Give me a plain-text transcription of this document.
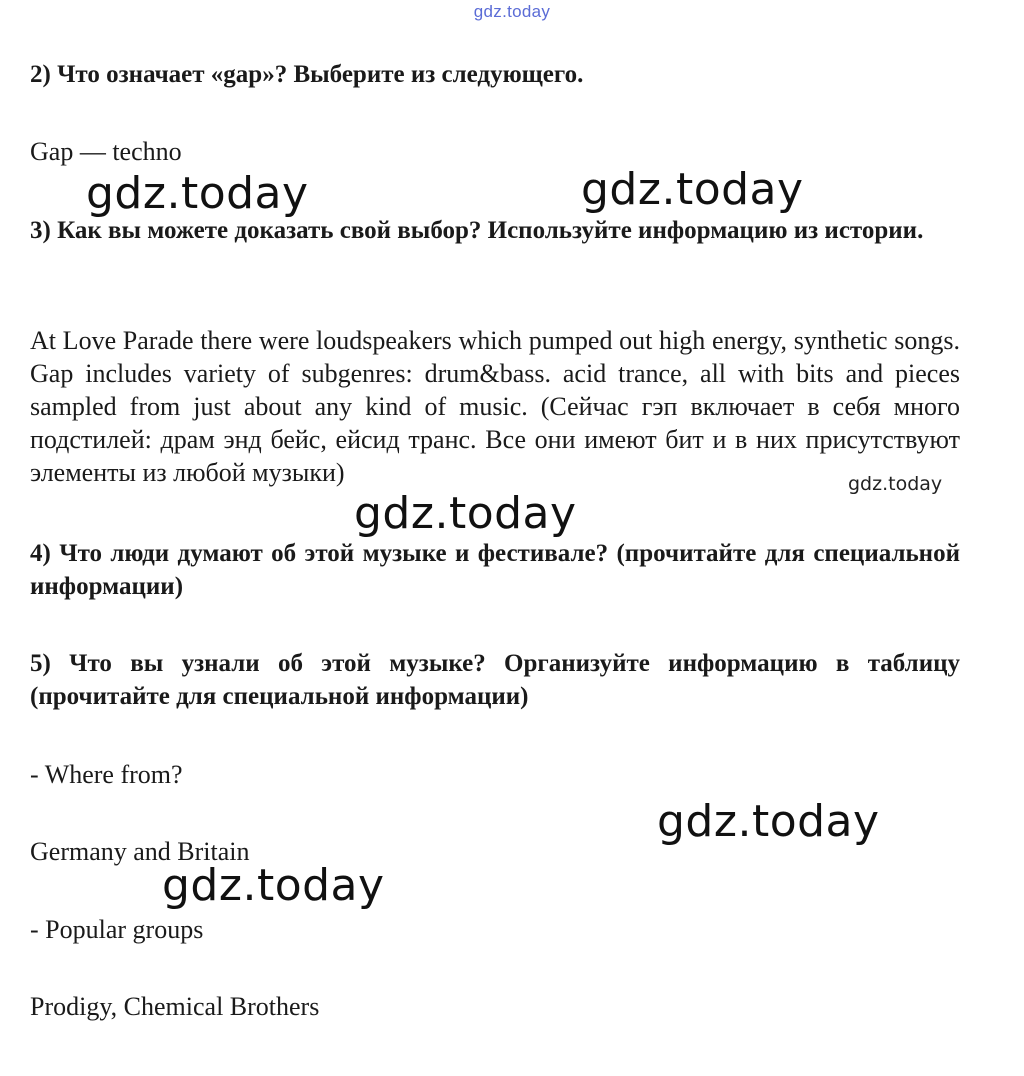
gdz.today
2) Что означает «gap»? Выберите из следующего.
Gap — techno
gdz.today	gdz.today
3) Как вы можете доказать свой выбор? Используйте информацию из истории.
At Love Parade there were loudspeakers which pumped out high energy, synthetic songs. Gap includes variety of subgenres: drum&bass. acid trance, all with bits and pieces sampled from just about any kind of music. (Сейчас гэп включает в себя много подстилей: драм энд бейс, ейсид транс. Все они имеют бит и в них присутствуют элементы из любой музыки)	gdz.today
gdz.today
4) Что люди думают об этой музыке и фестивале? (прочитайте для специальной информации)
5) Что вы узнали об этой музыке? Организуйте информацию в таблицу (прочитайте для специальной информации)
- Where from?
gdz.today
Germany and Britain
gdz.today
- Popular groups
Prodigy, Chemical Brothers
